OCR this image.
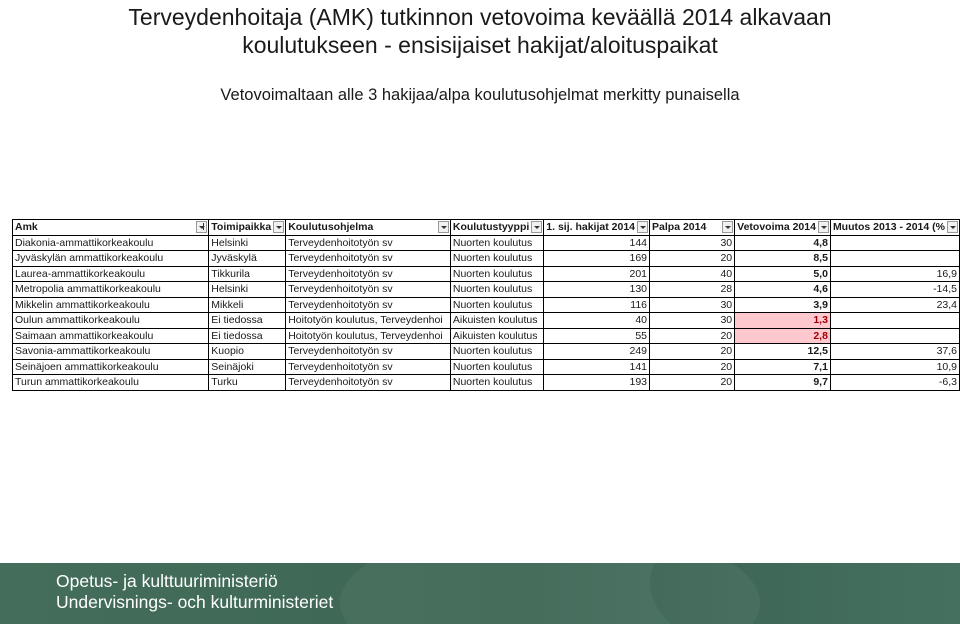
Terveydenhoitaja (AMK) tutkinnon vetovoima keväällä 2014 alkavaan
koulutukseen - ensisijaiset hakijat/aloituspaikat
Vetovoimaltaan alle 3 hakijaa/alpa koulutusohjelmat merkitty punaisella
Amk	Toimipaikka	Koulutusohjelma	Koulutustyyppi	1. sij. hakijat 2014	Palpa 2014	Vetovoima 2014	Muutos 2013 - 2014 (%

Diakonia-ammattikorkeakoulu	Helsinki	Terveydenhoitotyön sv	Nuorten koulutus	144	30	4,8	
Jyväskylän ammattikorkeakoulu	Jyväskylä	Terveydenhoitotyön sv	Nuorten koulutus	169	20	8,5	
Laurea-ammattikorkeakoulu	Tikkurila	Terveydenhoitotyön sv	Nuorten koulutus	201	40	5,0	16,9
Metropolia ammattikorkeakoulu	Helsinki	Terveydenhoitotyön sv	Nuorten koulutus	130	28	4,6	-14,5
Mikkelin ammattikorkeakoulu	Mikkeli	Terveydenhoitotyön sv	Nuorten koulutus	116	30	3,9	23,4
Oulun ammattikorkeakoulu	Ei tiedossa	Hoitotyön koulutus, Terveydenhoi	Aikuisten koulutus	40	30	1,3	
Saimaan ammattikorkeakoulu	Ei tiedossa	Hoitotyön koulutus, Terveydenhoi	Aikuisten koulutus	55	20	2,8	
Savonia-ammattikorkeakoulu	Kuopio	Terveydenhoitotyön sv	Nuorten koulutus	249	20	12,5	37,6
Seinäjoen ammattikorkeakoulu	Seinäjoki	Terveydenhoitotyön sv	Nuorten koulutus	141	20	7,1	10,9
Turun ammattikorkeakoulu	Turku	Terveydenhoitotyön sv	Nuorten koulutus	193	20	9,7	-6,3
Opetus- ja kulttuuriministeriö
Undervisnings- och kulturministeriet
